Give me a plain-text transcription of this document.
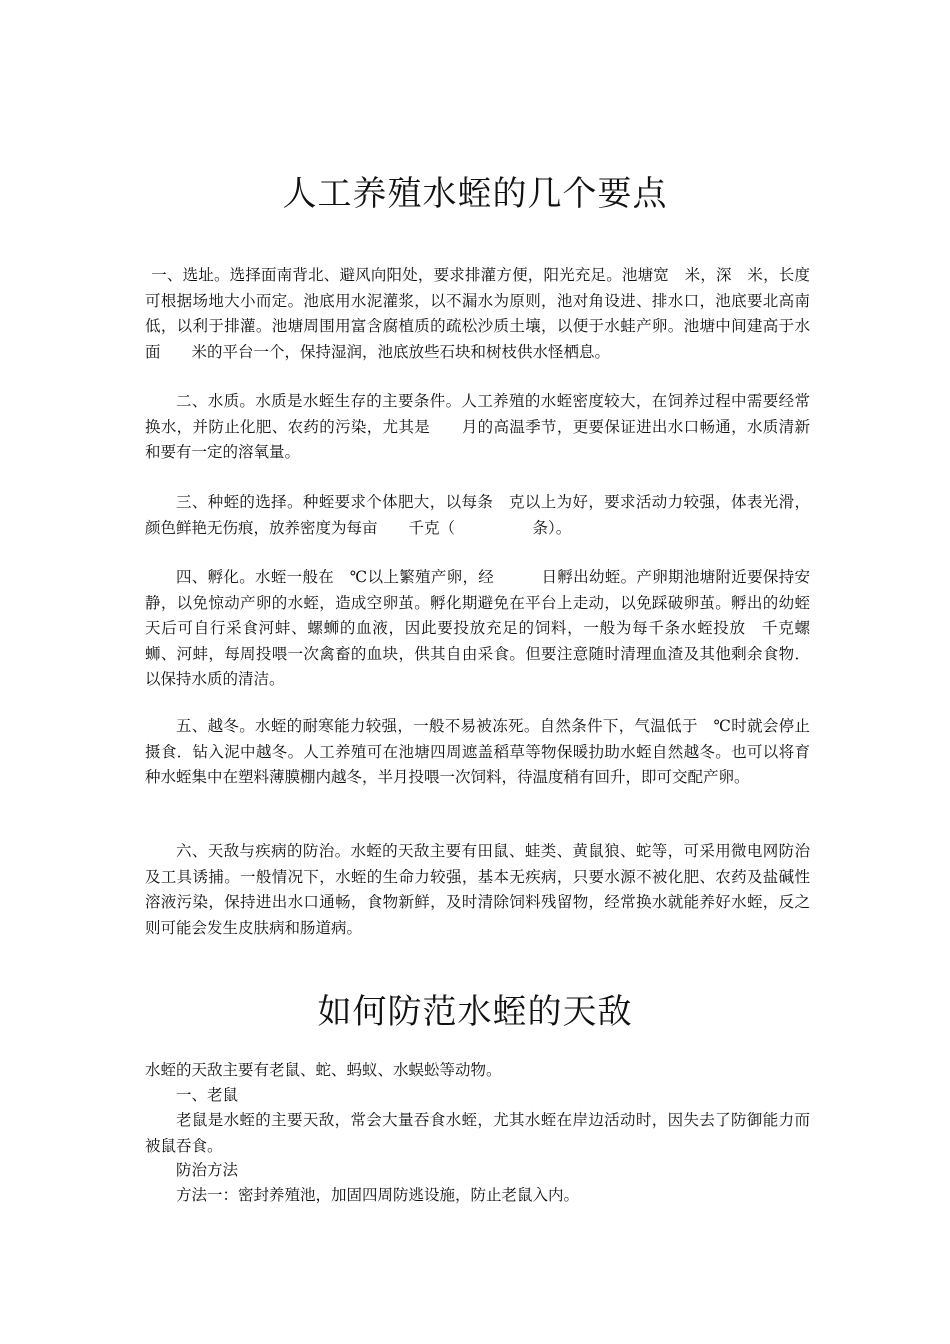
人工养殖水蛭的几个要点

一、选址。选择面南背北、避风向阳处，要求排灌方便，阳光充足。池塘宽　米，深　米，长度可根据场地大小而定。池底用水泥灌浆，以不漏水为原则，池对角设进、排水口，池底要北高南低，以利于排灌。池塘周围用富含腐植质的疏松沙质土壤，以便于水蛙产卵。池塘中间建高于水面　　米的平台一个，保持湿润，池底放些石块和树枝供水怪栖息。

二、水质。水质是水蛭生存的主要条件。人工养殖的水蛭密度较大，在饲养过程中需要经常换水，并防止化肥、农药的污染，尤其是　　月的高温季节，更要保证进出水口畅通，水质清新和要有一定的溶氧量。

三、种蛭的选择。种蛭要求个体肥大，以每条　克以上为好，要求活动力较强，体表光滑，颜色鲜艳无伤痕，放养密度为每亩　　千克（　　　　　条）。

四、孵化。水蛭一般在　℃以上繁殖产卵，经　　　日孵出幼蛭。产卵期池塘附近要保持安静，以免惊动产卵的水蛭，造成空卵茧。孵化期避免在平台上走动，以免踩破卵茧。孵出的幼蛭　天后可自行采食河蚌、螺蛳的血液，因此要投放充足的饲料，一般为每千条水蛭投放　千克螺蛳、河蚌，每周投喂一次禽畜的血块，供其自由采食。但要注意随时清理血渣及其他剩余食物．以保持水质的清洁。

五、越冬。水蛭的耐寒能力较强，一般不易被冻死。自然条件下，气温低于　℃时就会停止摄食．钻入泥中越冬。人工养殖可在池塘四周遮盖稻草等物保暖扐助水蛭自然越冬。也可以将育种水蛭集中在塑料薄膜棚内越冬，半月投喂一次饲料，待温度稍有回升，即可交配产卵。

六、天敌与疾病的防治。水蛭的天敌主要有田鼠、蛙类、黄鼠狼、蛇等，可采用微电网防治及工具诱捕。一般情况下，水蛭的生命力较强，基本无疾病，只要水源不被化肥、农药及盐碱性溶液污染，保持进出水口通畅，食物新鲜，及时清除饲料残留物，经常换水就能养好水蛭，反之则可能会发生皮肤病和肠道病。

如何防范水蛭的天敌

水蛭的天敌主要有老鼠、蛇、蚂蚁、水蜈蚣等动物。

一、老鼠

老鼠是水蛭的主要天敌，常会大量吞食水蛭，尤其水蛭在岸边活动时，因失去了防御能力而被鼠吞食。

防治方法

方法一：密封养殖池，加固四周防逃设施，防止老鼠入内。
